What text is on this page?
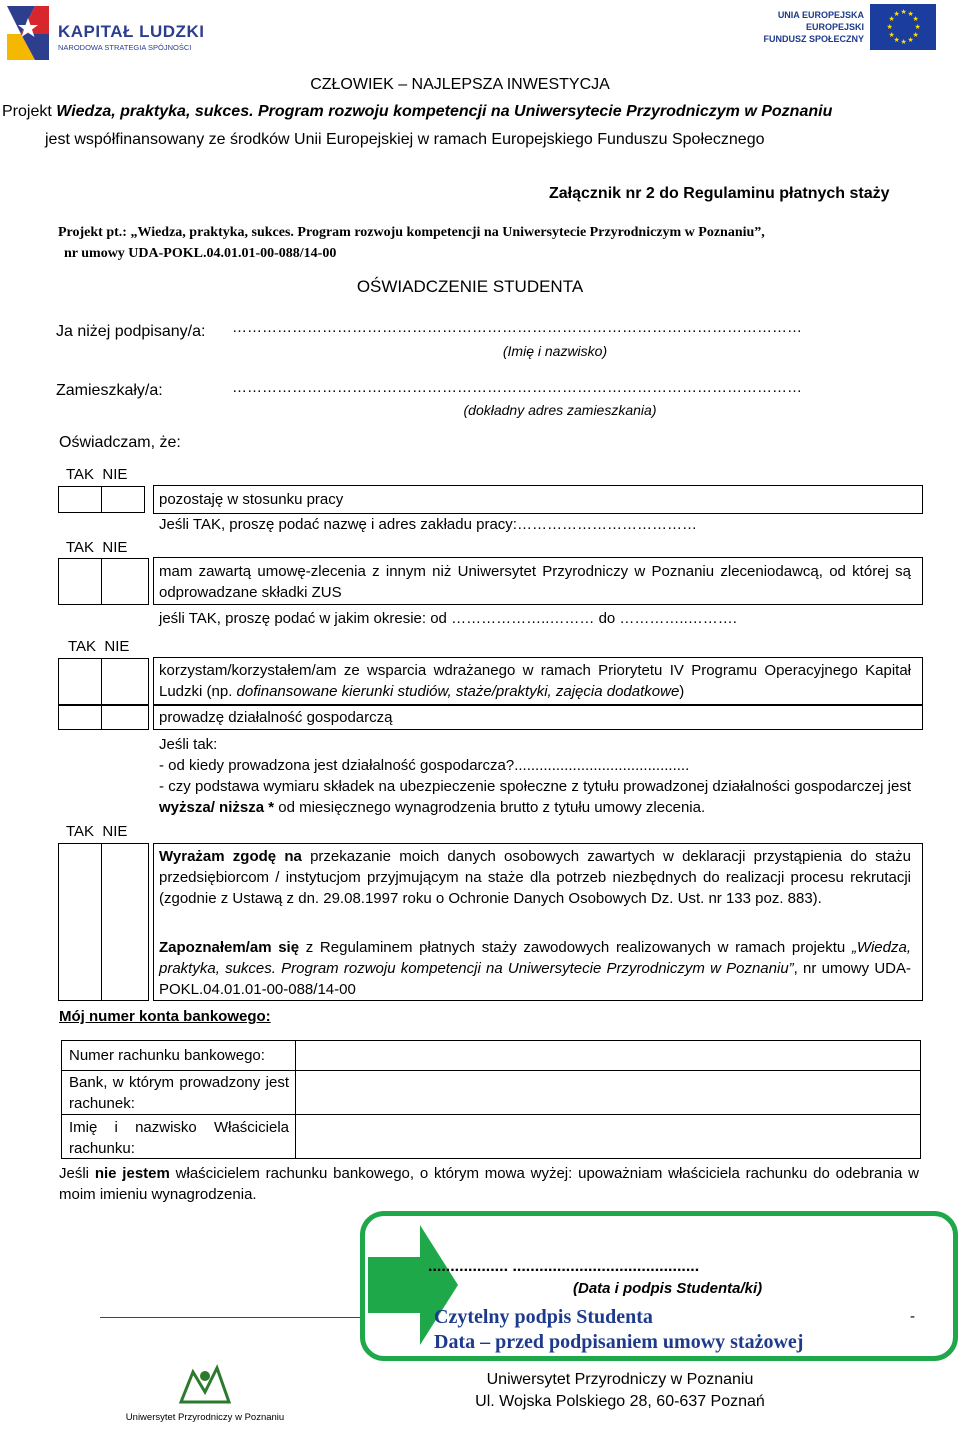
KAPITAŁ LUDZKI
NARODOWA STRATEGIA SPÓJNOŚCI
UNIA EUROPEJSKA
EUROPEJSKI
FUNDUSZ SPOŁECZNY
★ ★
★
★
★
★
★
★
★
★
★
★
CZŁOWIEK – NAJLEPSZA INWESTYCJA
Projekt Wiedza, praktyka, sukces. Program rozwoju kompetencji na Uniwersytecie Przyrodniczym w Poznaniu
jest współfinansowany ze środków Unii Europejskiej w ramach Europejskiego Funduszu Społecznego
Załącznik nr 2 do Regulaminu płatnych staży
Projekt pt.: „Wiedza, praktyka, sukces. Program rozwoju kompetencji na Uniwersytecie Przyrodniczym w Poznaniu”,
nr umowy UDA-POKL.04.01.01-00-088/14-00
OŚWIADCZENIE STUDENTA
Ja niżej podpisany/a: ……………………………………………………………………………………………………
(Imię i nazwisko)
Zamieszkały/a:	……………………………………………………………………………………………………
(dokładny adres zamieszkania)
Oświadczam, że:
TAK NIE
TAK NIE
TAK NIE
TAK NIE
pozostaję w stosunku pracy
Jeśli TAK, proszę podać nazwę i adres zakładu pracy:………………………………
mam zawartą umowę-zlecenia z innym niż Uniwersytet Przyrodniczy w Poznaniu zleceniodawcą, od której są odprowadzane składki ZUS
jeśli TAK, proszę podać w jakim okresie: od ………………..……… do …………..……….
korzystam/korzystałem/am ze wsparcia wdrażanego w ramach Priorytetu IV Programu Operacyjnego Kapitał Ludzki (np. dofinansowane kierunki studiów, staże/praktyki, zajęcia dodatkowe)
prowadzę działalność gospodarczą
Jeśli tak:
- od kiedy prowadzona jest działalność gospodarcza?..........................................
- czy podstawa wymiaru składek na ubezpieczenie społeczne z tytułu prowadzonej działalności gospodarczej jest wyższa/ niższa * od miesięcznego wynagrodzenia brutto z tytułu umowy zlecenia.
Wyrażam zgodę na przekazanie moich danych osobowych zawartych w deklaracji przystąpienia do stażu przedsiębiorcom / instytucjom przyjmującym na staże dla potrzeb niezbędnych do realizacji procesu rekrutacji (zgodnie z Ustawą z dn. 29.08.1997 roku o Ochronie Danych Osobowych Dz. Ust. nr 133 poz. 883).
Zapoznałem/am się z Regulaminem płatnych staży zawodowych realizowanych w ramach projektu „Wiedza, praktyka, sukces. Program rozwoju kompetencji na Uniwersytecie Przyrodniczym w Poznaniu”, nr umowy UDA-POKL.04.01.01-00-088/14-00
Mój numer konta bankowego:
Numer rachunku bankowego:
Bank, w którym prowadzony jest rachunek:
Imię i nazwisko Właściciela rachunku:
Jeśli nie jestem właścicielem rachunku bankowego, o którym mowa wyżej: upoważniam właściciela rachunku do odebrania w moim imieniu wynagrodzenia.
.................. ..........................................
(Data i podpis Studenta/ki)
-
Czytelny podpis Studenta
Data – przed podpisaniem umowy stażowej
Uniwersytet Przyrodniczy w Poznaniu
Uniwersytet Przyrodniczy w Poznaniu
Ul. Wojska Polskiego 28, 60-637 Poznań
